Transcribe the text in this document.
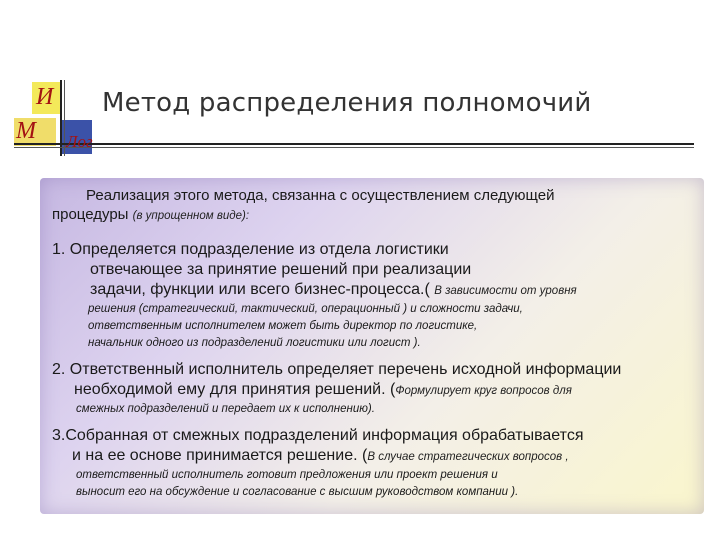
И
М Лог
Метод распределения полномочий
Реализация этого метода, связанна с осуществлением следующей
процедуры (в упрощенном виде):
1. Определяется подразделение из отдела логистики
отвечающее за принятие решений при реализации
задачи, функции или всего бизнес-процесса.( В зависимости от уровня
решения (стратегический, тактический, операционный ) и сложности задачи,
ответственным исполнителем может быть директор по логистике,
начальник одного из подразделений логистики или логист ).
2. Ответственный исполнитель определяет перечень исходной информации
необходимой ему для принятия решений. (Формулирует круг вопросов для
смежных подразделений и передает их к исполнению).
3.Собранная от смежных подразделений информация обрабатывается
и на ее основе принимается решение. (В случае стратегических вопросов ,
ответственный исполнитель готовит предложения или проект решения и
выносит его на обсуждение и согласование с высшим руководством компании ).
